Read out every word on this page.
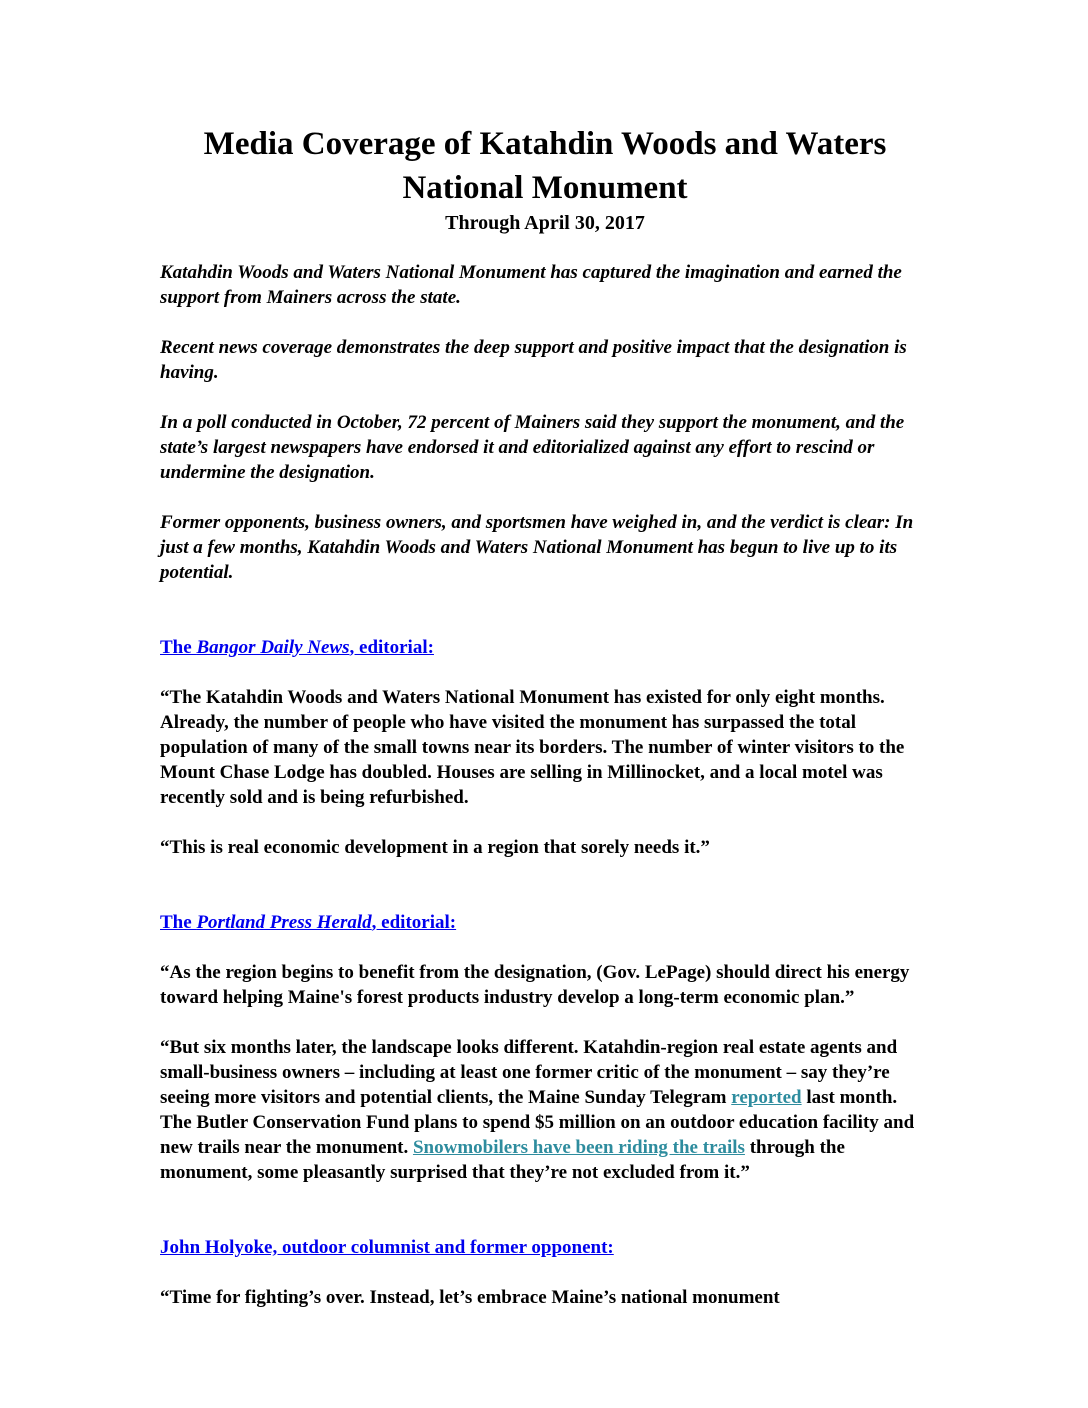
Media Coverage of Katahdin Woods and Waters
National Monument
Through April 30, 2017

Katahdin Woods and Waters National Monument has captured the imagination and earned the support from Mainers across the state.

Recent news coverage demonstrates the deep support and positive impact that the designation is having.

In a poll conducted in October, 72 percent of Mainers said they support the monument, and the state’s largest newspapers have endorsed it and editorialized against any effort to rescind or undermine the designation.

Former opponents, business owners, and sportsmen have weighed in, and the verdict is clear: In just a few months, Katahdin Woods and Waters National Monument has begun to live up to its potential.

The Bangor Daily News, editorial:

“The Katahdin Woods and Waters National Monument has existed for only eight months. Already, the number of people who have visited the monument has surpassed the total population of many of the small towns near its borders. The number of winter visitors to the Mount Chase Lodge has doubled. Houses are selling in Millinocket, and a local motel was recently sold and is being refurbished.

“This is real economic development in a region that sorely needs it.”

The Portland Press Herald, editorial:

“As the region begins to benefit from the designation, (Gov. LePage) should direct his energy toward helping Maine's forest products industry develop a long-term economic plan.”

“But six months later, the landscape looks different. Katahdin-region real estate agents and small-business owners – including at least one former critic of the monument – say they’re seeing more visitors and potential clients, the Maine Sunday Telegram reported last month. The Butler Conservation Fund plans to spend $5 million on an outdoor education facility and new trails near the monument. Snowmobilers have been riding the trails through the monument, some pleasantly surprised that they’re not excluded from it.”

John Holyoke, outdoor columnist and former opponent:

“Time for fighting’s over. Instead, let’s embrace Maine’s national monument
